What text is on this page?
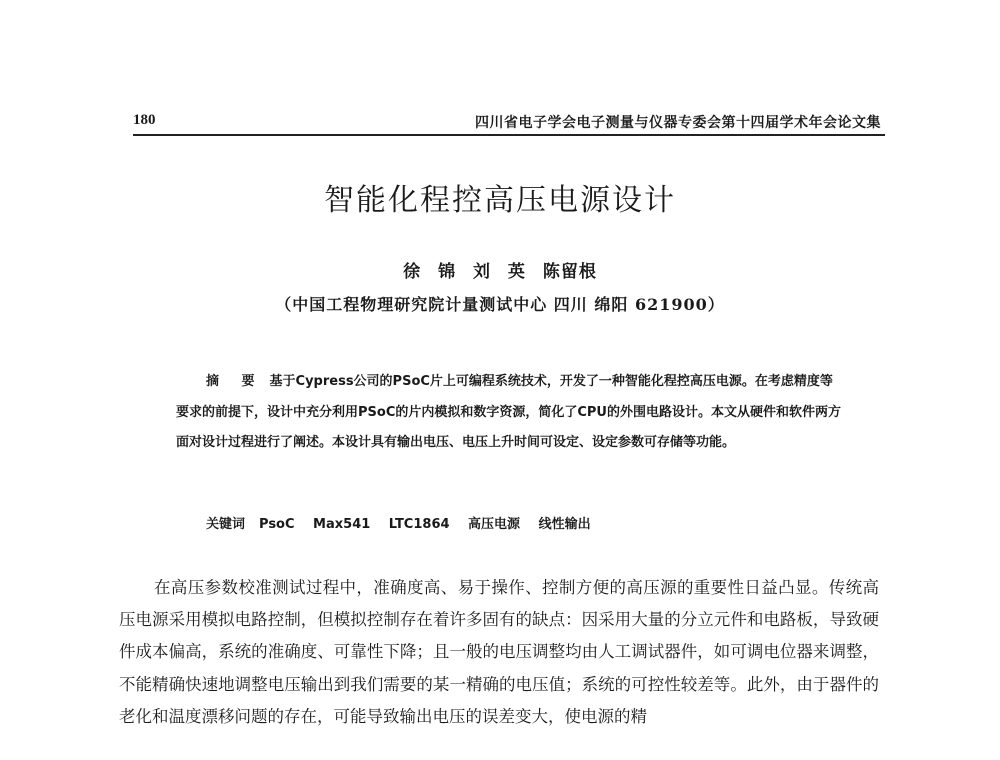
180	四川省电子学会电子测量与仪器专委会第十四届学术年会论文集
智能化程控高压电源设计
徐 锦 刘 英 陈留根
（中国工程物理研究院计量测试中心 四川 绵阳 621900）
摘 要 基于Cypress公司的PSoC片上可编程系统技术，开发了一种智能化程控高压电源。在考虑精度等要求的前提下，设计中充分利用PSoC的片内模拟和数字资源，简化了CPU的外围电路设计。本文从硬件和软件两方面对设计过程进行了阐述。本设计具有输出电压、电压上升时间可设定、设定参数可存储等功能。
关键词 PsoC Max541 LTC1864 高压电源 线性输出

在高压参数校准测试过程中，准确度高、易于操作、控制方便的高压源的重要性日益凸显。传统高压电源采用模拟电路控制，但模拟控制存在着许多固有的缺点：因采用大量的分立元件和电路板，导致硬件成本偏高，系统的准确度、可靠性下降；且一般的电压调整均由人工调试器件，如可调电位器来调整，不能精确快速地调整电压输出到我们需要的某一精确的电压值；系统的可控性较差等。此外，由于器件的老化和温度漂移问题的存在，可能导致输出电压的误差变大，使电源的精
